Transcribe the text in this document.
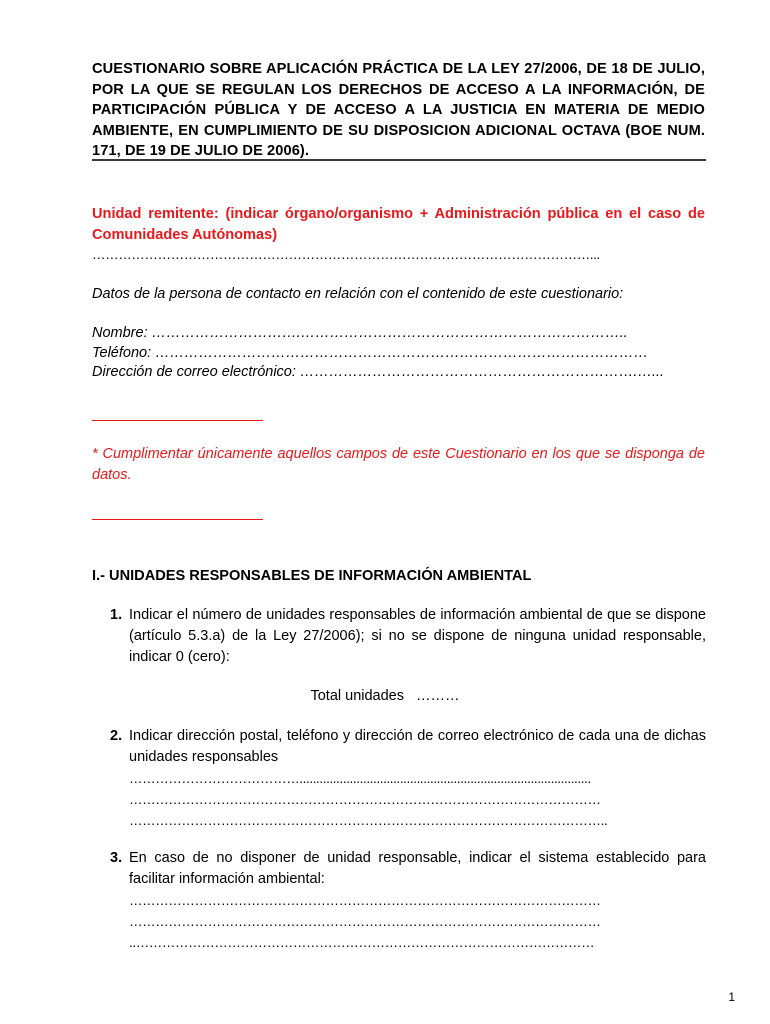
CUESTIONARIO SOBRE APLICACIÓN PRÁCTICA DE LA LEY 27/2006, DE 18 DE JULIO, POR LA QUE SE REGULAN LOS DERECHOS DE ACCESO A LA INFORMACIÓN, DE PARTICIPACIÓN PÚBLICA Y DE ACCESO A LA JUSTICIA EN MATERIA DE MEDIO AMBIENTE, EN CUMPLIMIENTO DE SU DISPOSICION ADICIONAL OCTAVA (BOE NUM. 171, DE 19 DE JULIO DE 2006).

Unidad remitente: (indicar órgano/organismo + Administración pública en el caso de Comunidades Autónomas)

……………………………………………………………………………………………………...

Datos de la persona de contacto en relación con el contenido de este cuestionario:

Nombre: ………………………….…………………………………………………………..
Teléfono: …………………………………………………………………………………………
Dirección de correo electrónico: …………………………………………………………….…...

* Cumplimentar únicamente aquellos campos de este Cuestionario en los que se disponga de datos.

I.- UNIDADES RESPONSABLES DE INFORMACIÓN AMBIENTAL

1. Indicar el número de unidades responsables de información ambiental de que se dispone (artículo 5.3.a) de la Ley 27/2006); si no se dispone de ninguna unidad responsable, indicar 0 (cero):
Total unidades ………
2. Indicar dirección postal, teléfono y dirección de correo electrónico de cada una de dichas unidades responsables
………………………………….......................................................................................
………………………………………………………………………………………………
………………………………………………………………………………………………..
3. En caso de no disponer de unidad responsable, indicar el sistema establecido para facilitar información ambiental:
………………………………………………………………………………………………
………………………………………………………………………………………………
..……………………………………………………………………………………………
1
